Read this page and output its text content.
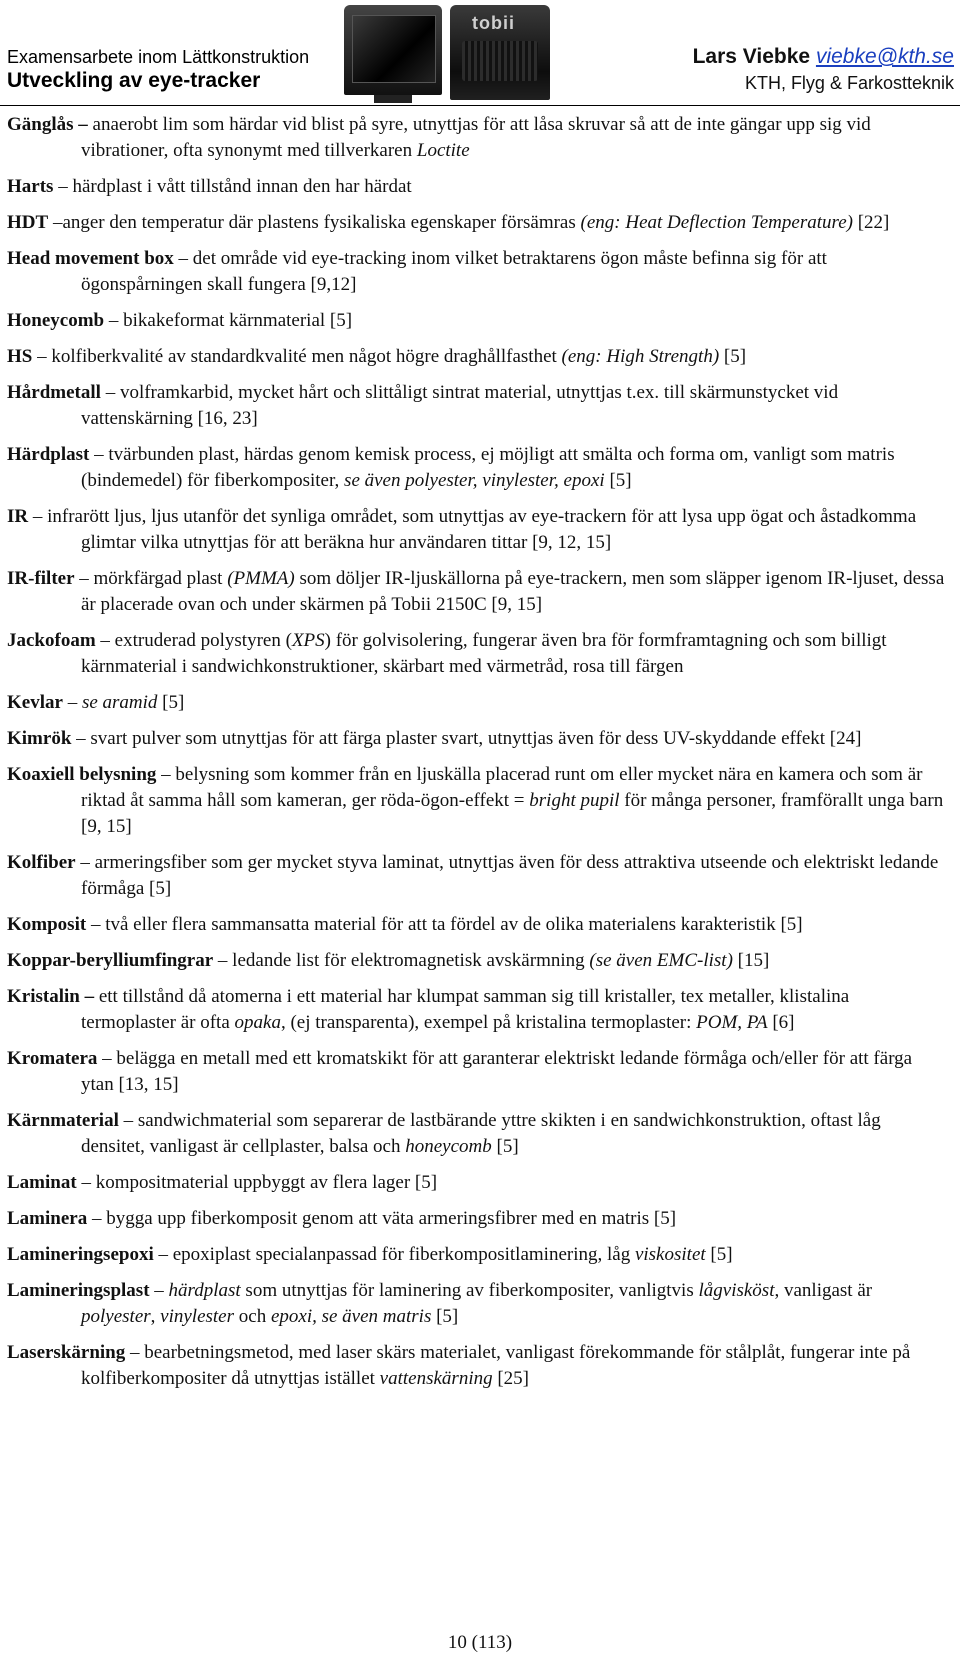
Examensarbete inom Lättkonstruktion
Utveckling av eye-tracker
tobii
Lars Viebke viebke@kth.se
KTH, Flyg & Farkostteknik

Gänglås – anaerobt lim som härdar vid blist på syre, utnyttjas för att låsa skruvar så att de inte gängar upp sig vid vibrationer, ofta synonymt med tillverkaren Loctite

Harts – härdplast i vått tillstånd innan den har härdat

HDT –anger den temperatur där plastens fysikaliska egenskaper försämras (eng: Heat Deflection Temperature) [22]

Head movement box – det område vid eye-tracking inom vilket betraktarens ögon måste befinna sig för att ögonspårningen skall fungera [9,12]

Honeycomb – bikakeformat kärnmaterial [5]

HS – kolfiberkvalité av standardkvalité men något högre draghållfasthet (eng: High Strength) [5]

Hårdmetall – volframkarbid, mycket hårt och slittåligt sintrat material, utnyttjas t.ex. till skärmunstycket vid vattenskärning [16, 23]

Härdplast – tvärbunden plast, härdas genom kemisk process, ej möjligt att smälta och forma om, vanligt som matris (bindemedel) för fiberkompositer, se även polyester, vinylester, epoxi [5]

IR – infrarött ljus, ljus utanför det synliga området, som utnyttjas av eye-trackern för att lysa upp ögat och åstadkomma glimtar vilka utnyttjas för att beräkna hur användaren tittar [9, 12, 15]

IR-filter – mörkfärgad plast (PMMA) som döljer IR-ljuskällorna på eye-trackern, men som släpper igenom IR-ljuset, dessa är placerade ovan och under skärmen på Tobii 2150C [9, 15]

Jackofoam – extruderad polystyren (XPS) för golvisolering, fungerar även bra för formframtagning och som billigt kärnmaterial i sandwichkonstruktioner, skärbart med värmetråd, rosa till färgen

Kevlar – se aramid [5]

Kimrök – svart pulver som utnyttjas för att färga plaster svart, utnyttjas även för dess UV-skyddande effekt [24]

Koaxiell belysning – belysning som kommer från en ljuskälla placerad runt om eller mycket nära en kamera och som är riktad åt samma håll som kameran, ger röda-ögon-effekt = bright pupil för många personer, framförallt unga barn [9, 15]

Kolfiber – armeringsfiber som ger mycket styva laminat, utnyttjas även för dess attraktiva utseende och elektriskt ledande förmåga [5]

Komposit – två eller flera sammansatta material för att ta fördel av de olika materialens karakteristik [5]

Koppar-berylliumfingrar – ledande list för elektromagnetisk avskärmning (se även EMC-list) [15]

Kristalin – ett tillstånd då atomerna i ett material har klumpat samman sig till kristaller, tex metaller, klistalina termoplaster är ofta opaka, (ej transparenta), exempel på kristalina termoplaster: POM, PA [6]

Kromatera – belägga en metall med ett kromatskikt för att garanterar elektriskt ledande förmåga och/eller för att färga ytan [13, 15]

Kärnmaterial – sandwichmaterial som separerar de lastbärande yttre skikten i en sandwichkonstruktion, oftast låg densitet, vanligast är cellplaster, balsa och honeycomb [5]

Laminat – kompositmaterial uppbyggt av flera lager [5]

Laminera – bygga upp fiberkomposit genom att väta armeringsfibrer med en matris [5]

Lamineringsepoxi – epoxiplast specialanpassad för fiberkompositlaminering, låg viskositet [5]

Lamineringsplast – härdplast som utnyttjas för laminering av fiberkompositer, vanligtvis lågvisköst, vanligast är polyester, vinylester och epoxi, se även matris [5]

Laserskärning – bearbetningsmetod, med laser skärs materialet, vanligast förekommande för stålplåt, fungerar inte på kolfiberkompositer då utnyttjas istället vattenskärning [25]

10 (113)
